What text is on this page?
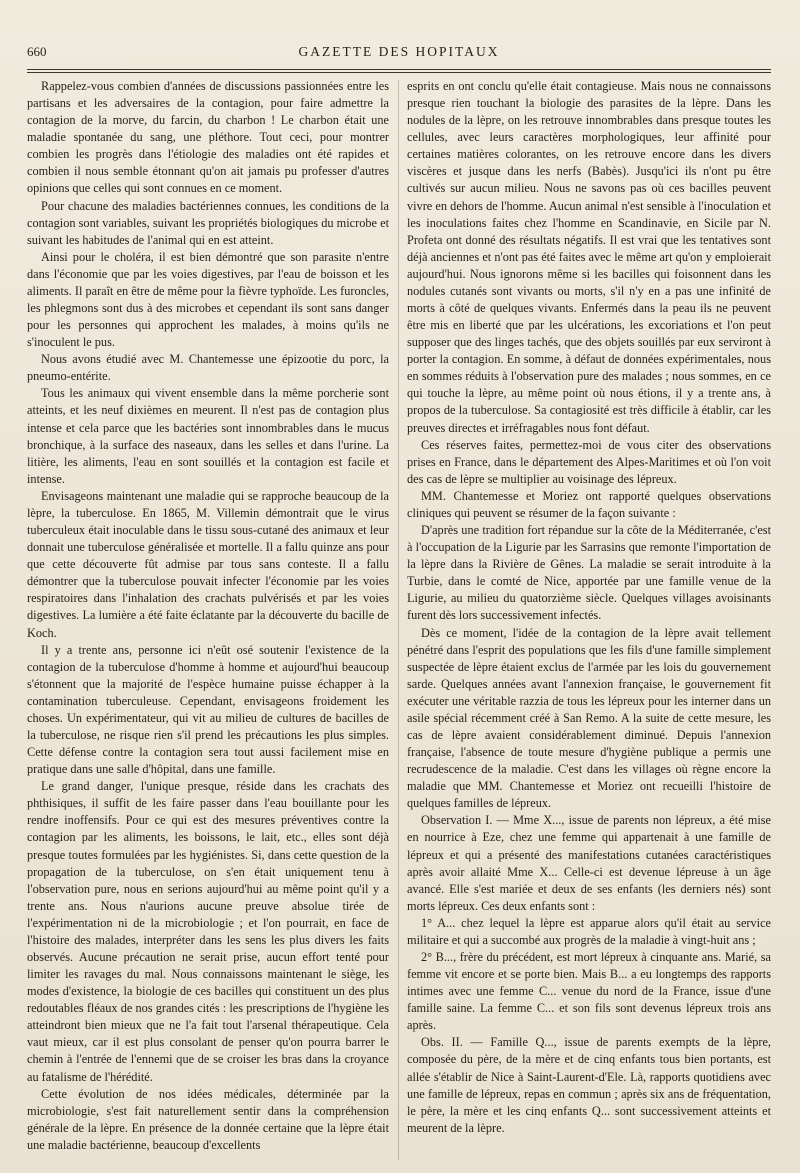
660	GAZETTE DES HOPITAUX

Rappelez-vous combien d'années de discussions passionnées entre les partisans et les adversaires de la contagion, pour faire admettre la contagion de la morve, du farcin, du charbon ! Le charbon était une maladie spontanée du sang, une pléthore. Tout ceci, pour montrer combien les progrès dans l'étiologie des maladies ont été rapides et combien il nous semble étonnant qu'on ait jamais pu professer d'autres opinions que celles qui sont connues en ce moment.

Pour chacune des maladies bactériennes connues, les conditions de la contagion sont variables, suivant les propriétés biologiques du microbe et suivant les habitudes de l'animal qui en est atteint.

Ainsi pour le choléra, il est bien démontré que son parasite n'entre dans l'économie que par les voies digestives, par l'eau de boisson et les aliments. Il paraît en être de même pour la fièvre typhoïde. Les furoncles, les phlegmons sont dus à des microbes et cependant ils sont sans danger pour les personnes qui approchent les malades, à moins qu'ils ne s'inoculent le pus.

Nous avons étudié avec M. Chantemesse une épizootie du porc, la pneumo-entérite.

Tous les animaux qui vivent ensemble dans la même porcherie sont atteints, et les neuf dixièmes en meurent. Il n'est pas de contagion plus intense et cela parce que les bactéries sont innombrables dans le mucus bronchique, à la surface des naseaux, dans les selles et dans l'urine. La litière, les aliments, l'eau en sont souillés et la contagion est facile et intense.

Envisageons maintenant une maladie qui se rapproche beaucoup de la lèpre, la tuberculose. En 1865, M. Villemin démontrait que le virus tuberculeux était inoculable dans le tissu sous-cutané des animaux et leur donnait une tuberculose généralisée et mortelle. Il a fallu quinze ans pour que cette découverte fût admise par tous sans conteste. Il a fallu démontrer que la tuberculose pouvait infecter l'économie par les voies respiratoires dans l'inhalation des crachats pulvérisés et par les voies digestives. La lumière a été faite éclatante par la découverte du bacille de Koch.

Il y a trente ans, personne ici n'eût osé soutenir l'existence de la contagion de la tuberculose d'homme à homme et aujourd'hui beaucoup s'étonnent que la majorité de l'espèce humaine puisse échapper à la contamination tuberculeuse. Cependant, envisageons froidement les choses. Un expérimentateur, qui vit au milieu de cultures de bacilles de la tuberculose, ne risque rien s'il prend les précautions les plus simples. Cette défense contre la contagion sera tout aussi facilement mise en pratique dans une salle d'hôpital, dans une famille.

Le grand danger, l'unique presque, réside dans les crachats des phthisiques, il suffit de les faire passer dans l'eau bouillante pour les rendre inoffensifs. Pour ce qui est des mesures préventives contre la contagion par les aliments, les boissons, le lait, etc., elles sont déjà presque toutes formulées par les hygiénistes. Si, dans cette question de la propagation de la tuberculose, on s'en était uniquement tenu à l'observation pure, nous en serions aujourd'hui au même point qu'il y a trente ans. Nous n'aurions aucune preuve absolue tirée de l'expérimentation ni de la microbiologie ; et l'on pourrait, en face de l'histoire des malades, interpréter dans les sens les plus divers les faits observés. Aucune précaution ne serait prise, aucun effort tenté pour limiter les ravages du mal. Nous connaissons maintenant le siège, les modes d'existence, la biologie de ces bacilles qui constituent un des plus redoutables fléaux de nos grandes cités : les prescriptions de l'hygiène les atteindront bien mieux que ne l'a fait tout l'arsenal thérapeutique. Cela vaut mieux, car il est plus consolant de penser qu'on pourra barrer le chemin à l'entrée de l'ennemi que de se croiser les bras dans la croyance au fatalisme de l'hérédité.

Cette évolution de nos idées médicales, déterminée par la microbiologie, s'est fait naturellement sentir dans la compréhension générale de la lèpre. En présence de la donnée certaine que la lèpre était une maladie bactérienne, beaucoup d'excellents

esprits en ont conclu qu'elle était contagieuse. Mais nous ne connaissons presque rien touchant la biologie des parasites de la lèpre. Dans les nodules de la lèpre, on les retrouve innombrables dans presque toutes les cellules, avec leurs caractères morphologiques, leur affinité pour certaines matières colorantes, on les retrouve encore dans les divers viscères et jusque dans les nerfs (Babès). Jusqu'ici ils n'ont pu être cultivés sur aucun milieu. Nous ne savons pas où ces bacilles peuvent vivre en dehors de l'homme. Aucun animal n'est sensible à l'inoculation et les inoculations faites chez l'homme en Scandinavie, en Sicile par N. Profeta ont donné des résultats négatifs. Il est vrai que les tentatives sont déjà anciennes et n'ont pas été faites avec le même art qu'on y emploierait aujourd'hui. Nous ignorons même si les bacilles qui foisonnent dans les nodules cutanés sont vivants ou morts, s'il n'y en a pas une infinité de morts à côté de quelques vivants. Enfermés dans la peau ils ne peuvent être mis en liberté que par les ulcérations, les excoriations et l'on peut supposer que des linges tachés, que des objets souillés par eux serviront à porter la contagion. En somme, à défaut de données expérimentales, nous en sommes réduits à l'observation pure des malades ; nous sommes, en ce qui touche la lèpre, au même point où nous étions, il y a trente ans, à propos de la tuberculose. Sa contagiosité est très difficile à établir, car les preuves directes et irréfragables nous font défaut.

Ces réserves faites, permettez-moi de vous citer des observations prises en France, dans le département des Alpes-Maritimes et où l'on voit des cas de lèpre se multiplier au voisinage des lépreux.

MM. Chantemesse et Moriez ont rapporté quelques observations cliniques qui peuvent se résumer de la façon suivante :

D'après une tradition fort répandue sur la côte de la Méditerranée, c'est à l'occupation de la Ligurie par les Sarrasins que remonte l'importation de la lèpre dans la Rivière de Gênes. La maladie se serait introduite à la Turbie, dans le comté de Nice, apportée par une famille venue de la Ligurie, au milieu du quatorzième siècle. Quelques villages avoisinants furent dès lors successivement infectés.

Dès ce moment, l'idée de la contagion de la lèpre avait tellement pénétré dans l'esprit des populations que les fils d'une famille simplement suspectée de lèpre étaient exclus de l'armée par les lois du gouvernement sarde. Quelques années avant l'annexion française, le gouvernement fit exécuter une véritable razzia de tous les lépreux pour les interner dans un asile spécial récemment créé à San Remo. A la suite de cette mesure, les cas de lèpre avaient considérablement diminué. Depuis l'annexion française, l'absence de toute mesure d'hygiène publique a permis une recrudescence de la maladie. C'est dans les villages où règne encore la maladie que MM. Chantemesse et Moriez ont recueilli l'histoire de quelques familles de lépreux.

Observation I. — Mme X..., issue de parents non lépreux, a été mise en nourrice à Eze, chez une femme qui appartenait à une famille de lépreux et qui a présenté des manifestations cutanées caractéristiques après avoir allaité Mme X... Celle-ci est devenue lépreuse à un âge avancé. Elle s'est mariée et deux de ses enfants (les derniers nés) sont morts lépreux. Ces deux enfants sont :

1° A... chez lequel la lèpre est apparue alors qu'il était au service militaire et qui a succombé aux progrès de la maladie à vingt-huit ans ;

2° B..., frère du précédent, est mort lépreux à cinquante ans. Marié, sa femme vit encore et se porte bien. Mais B... a eu longtemps des rapports intimes avec une femme C... venue du nord de la France, issue d'une famille saine. La femme C... et son fils sont devenus lépreux trois ans après.

Obs. II. — Famille Q..., issue de parents exempts de la lèpre, composée du père, de la mère et de cinq enfants tous bien portants, est allée s'établir de Nice à Saint-Laurent-d'Ele. Là, rapports quotidiens avec une famille de lépreux, repas en commun ; après six ans de fréquentation, le père, la mère et les cinq enfants Q... sont successivement atteints et meurent de la lèpre.
